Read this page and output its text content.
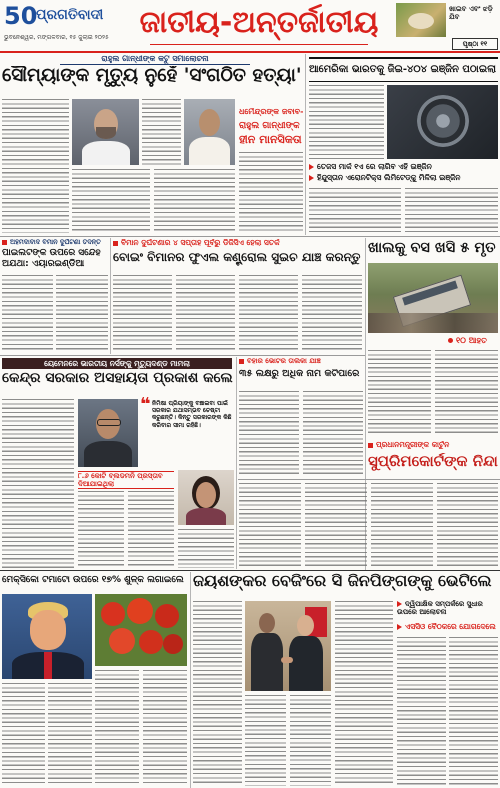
50
ପ୍ରଗତିବାଦୀ
ଭୁବନେଶ୍ୱର, ମଙ୍ଗଳବାର, ୧୫ ଜୁଲାଇ ୨୦୨୫	ଜାତୀୟ-ଅନ୍ତର୍ଜାତୀୟ	ଖାଇବ ଏବଂ ଝଡ଼ି ଯିବ
ପୃଷ୍ଠା ୧୧
ରାହୁଲ ଗାନ୍ଧୀଙ୍କ କଟୁ ସମାଲୋଚନା
ସୌମ୍ୟାଙ୍କ ମୃତ୍ୟୁ ନୁହେଁ 'ସଂଗଠିତ ହତ୍ୟା'
ଧର୍ମେନ୍ଦ୍ରଙ୍କ ଜବାବ-
ରାହୁଲ ଗାନ୍ଧୀଙ୍କ
ହୀନ ମାନସିକତା
ଆମେରିକା ଭାରତକୁ ଜିଇ-୪୦୪ ଇଞ୍ଜିନ ପଠାଇଲା
ତେଜସ ମାର୍କ ୧ଏ ରେ ଲାଗିବ ଏହି ଇଞ୍ଜିନ
ହିନ୍ଦୁସ୍ତାନ ଏରୋନଟିକ୍ସ ଲିମିଟେଡ୍‌କୁ ମିଳିଲା ଇଞ୍ଜିନ
ଅହମଦାବାଦ ବିମାନ ଦୁର୍ଘଟଣା ତଦନ୍ତ
ପାଇଲଟଙ୍କ ଉପରେ ସନ୍ଦେହ ଅଯଥା: ଏୟାରଇଣ୍ଡିଆ
ବିମାନ ଦୁର୍ଘଟଣାର ୪ ସପ୍ତାହ ପୂର୍ବରୁ ଡିଜିସିଏ ହେଲା ସତର୍କ
ବୋଇଂ ବିମାନର ଫୁଏଲ କଣ୍ଟ୍ରୋଲ ସୁଇଚ ଯାଞ୍ଚ କରନ୍ତୁ
ଖାଲକୁ ବସ ଖସି ୫ ମୃତ
୧୦ ଆହତ
ୟେମେନରେ ଭାରତୀୟ ନର୍ସଙ୍କୁ ମୃତ୍ୟୁଦଣ୍ଡ ମାମଲା
କେନ୍ଦ୍ର ସରକାର ଅସହାୟତା ପ୍ରକାଶ କଲେ
❝ ନିମିଷା ପ୍ରିୟାଙ୍କୁ ବଞ୍ଚାଇବା ପାଇଁ ସରକାର ଯଥାସମ୍ଭବ ଚେଷ୍ଟା କରୁଛନ୍ତି। କିନ୍ତୁ ସରକାରଙ୍କ କିଛି କରିବାର ସୀମା ରହିଛି।
୮.୬ କୋଟି ବ୍ଲଡମନି ପ୍ରସ୍ତାବ ଦିଆଯାଇଥିଲା
ବିହାର ଭୋଟର ତାଲିକା ଯାଞ୍ଚ
୩୫ ଲକ୍ଷରୁ ଅଧିକ ନାମ କଟିପାରେ
ପ୍ରଧାନମନ୍ତ୍ରୀଙ୍କ କାର୍ଟୁନ
ସୁପ୍ରିମକୋର୍ଟଙ୍କ ନିନ୍ଦା
ମେକ୍ସିକୋ ଟମାଟୋ ଉପରେ ୧୭% ଶୁଳ୍କ ଲଗାଇଲେ ଜୟଶଙ୍କର ବେଜିଂରେ ସି ଜିନପିଙ୍ଗଙ୍କୁ ଭେଟିଲେ
ଦ୍ୱିପାକ୍ଷିକ ସମ୍ପର୍କରେ ସୁଧାର ଉପରେ ଆଲୋଚନା
ଏସସିଓ ବୈଠକରେ ଯୋଗଦେଲେ
